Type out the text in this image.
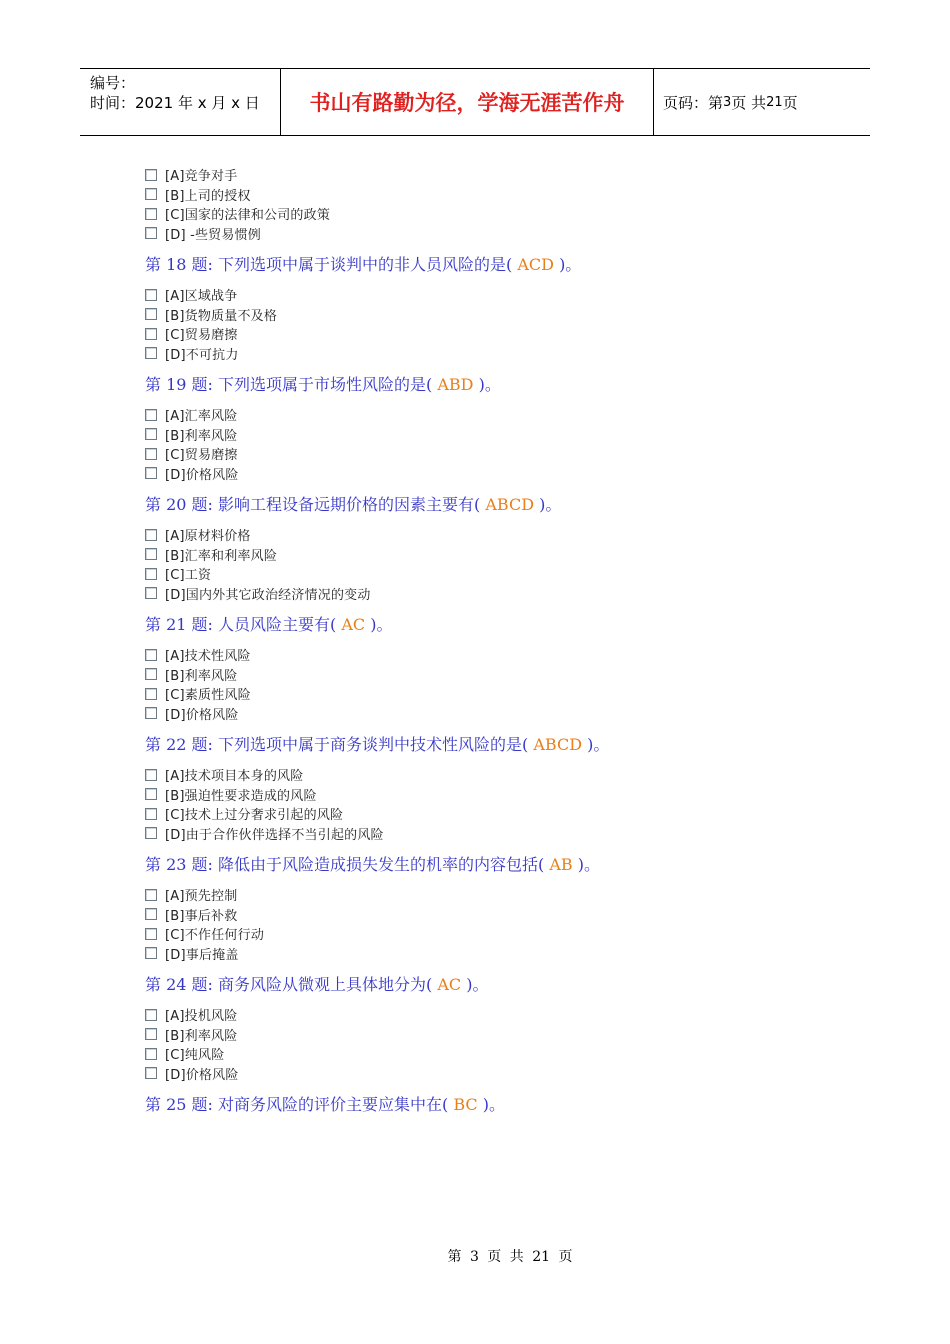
编号：
时间：2021 年 x 月 x 日	书山有路勤为径，学海无涯苦作舟	页码：第 3 页 共 21 页
[A]竞争对手
[B]上司的授权
[C]国家的法律和公司的政策
[D] -些贸易惯例
第 18 题: 下列选项中属于谈判中的非人员风险的是( ACD )。
[A]区域战争
[B]货物质量不及格
[C]贸易磨擦
[D]不可抗力
第 19 题: 下列选项属于市场性风险的是( ABD )。
[A]汇率风险
[B]利率风险
[C]贸易磨擦
[D]价格风险
第 20 题: 影响工程设备远期价格的因素主要有( ABCD )。
[A]原材料价格
[B]汇率和利率风险
[C]工资
[D]国内外其它政治经济情况的变动
第 21 题: 人员风险主要有( AC )。
[A]技术性风险
[B]利率风险
[C]素质性风险
[D]价格风险
第 22 题: 下列选项中属于商务谈判中技术性风险的是( ABCD )。
[A]技术项目本身的风险
[B]强迫性要求造成的风险
[C]技术上过分奢求引起的风险
[D]由于合作伙伴选择不当引起的风险
第 23 题: 降低由于风险造成损失发生的机率的内容包括( AB )。
[A]预先控制
[B]事后补救
[C]不作任何行动
[D]事后掩盖
第 24 题: 商务风险从微观上具体地分为( AC )。
[A]投机风险
[B]利率风险
[C]纯风险
[D]价格风险
第 25 题: 对商务风险的评价主要应集中在( BC )。
第 3 页 共 21 页
